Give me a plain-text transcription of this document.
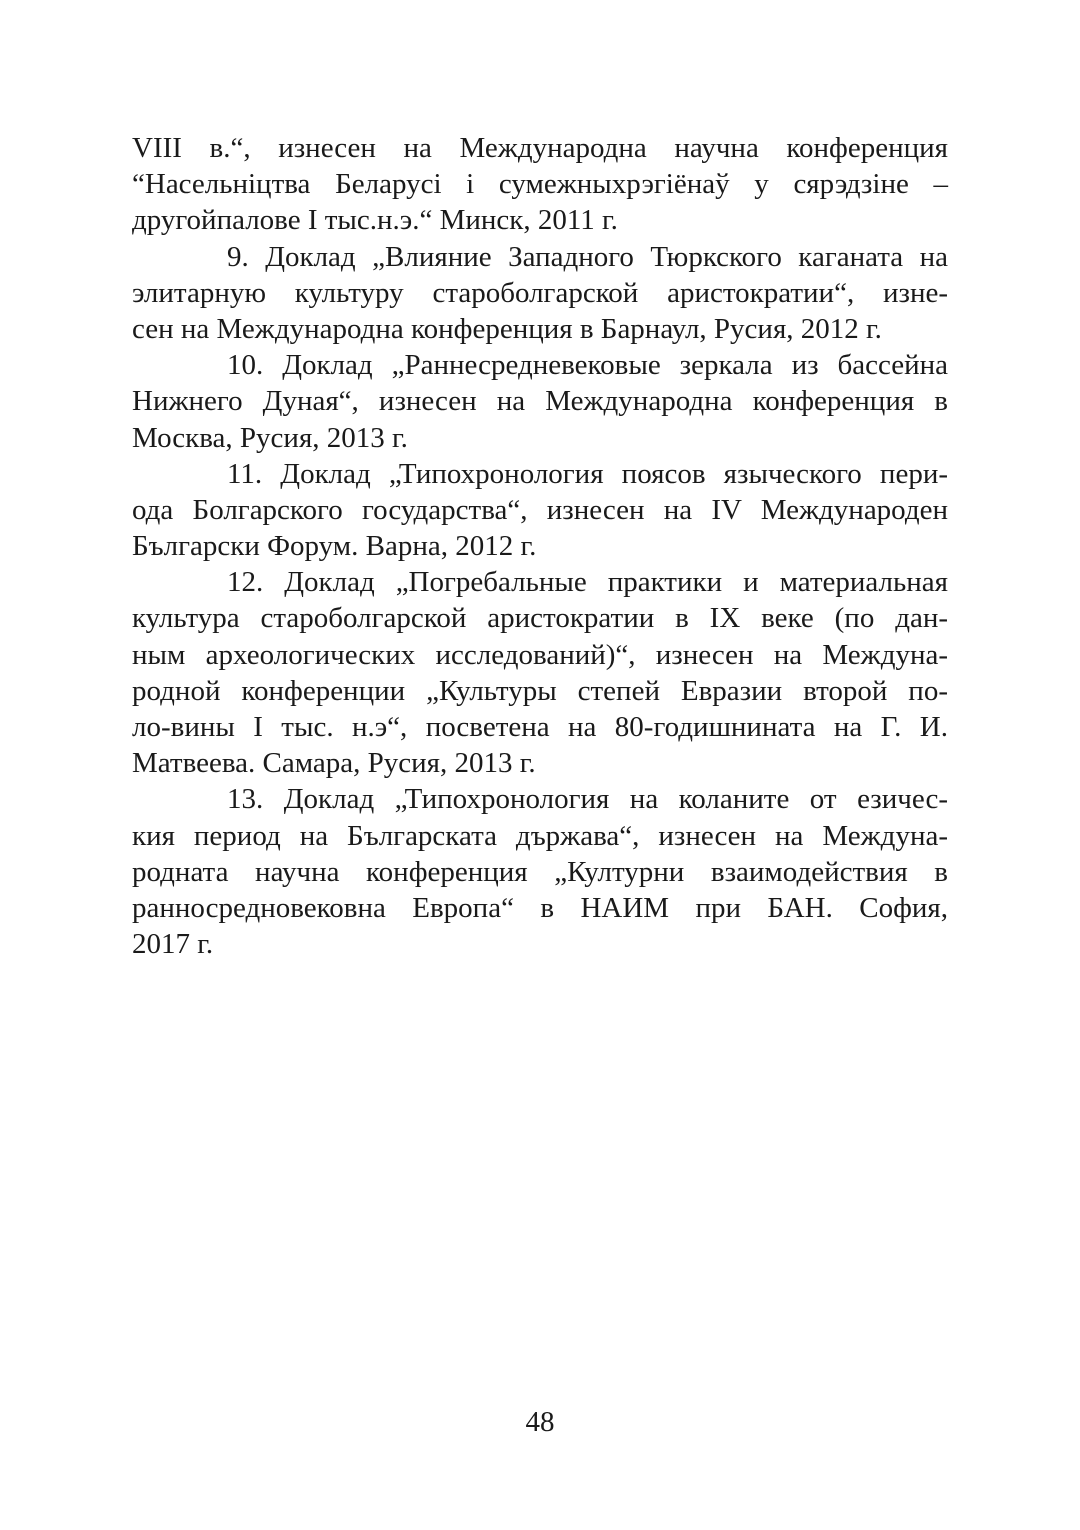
VIII в.“, изнесен на Международна научна конференция
“Насельніцтва Беларусі і сумежныхрэгiёнаў у сярэдзіне –
другойпалове I тыс.н.э.“ Минск, 2011 г.
9. Доклад „Влияние Западного Тюркского каганата на
элитарную культуру староболгарской аристократии“, изне-
сен на Международна конференция в Барнаул, Русия, 2012 г.
10. Доклад „Раннесредневековые зеркала из бассейна
Нижнего Дуная“, изнесен на Международна конференция в
Москва, Русия, 2013 г.
11. Доклад „Типохронология поясов языческого пери-
ода Болгарского государства“, изнесен на IV Международен
Български Форум. Варна, 2012 г.
12. Доклад „Погребальные практики и материальная
культура староболгарской аристократии в IX веке (по дан-
ным археологических исследований)“, изнесен на Междуна-
родной конференции „Культуры степей Евразии второй по-
ло-вины I тыс. н.э“, посветена на 80-годишнината на Г. И.
Матвеева. Самара, Русия, 2013 г.
13. Доклад „Типохронология на коланите от езичес-
кия период на Българската държава“, изнесен на Междуна-
родната научна конференция „Културни взаимодействия в
ранносредновековна Европа“ в НАИМ при БАН. София,
2017 г.
48
